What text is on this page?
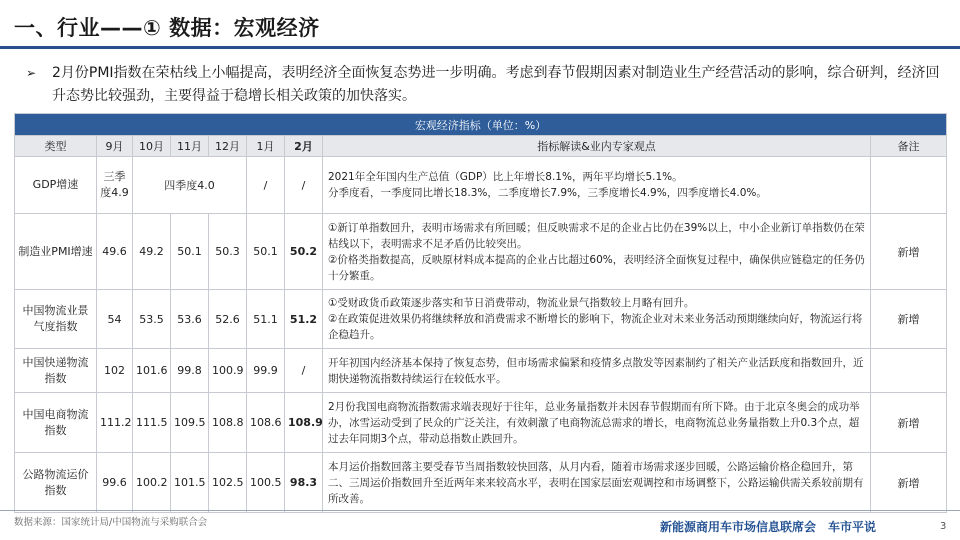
一、行业——① 数据：宏观经济
➢ 2月份PMI指数在荣枯线上小幅提高，表明经济全面恢复态势进一步明确。考虑到春节假期因素对制造业生产经营活动的影响，综合研判，经济回升态势比较强劲，主要得益于稳增长相关政策的加快落实。
宏观经济指标（单位：%）								
类型	9月	10月	11月	12月	1月	2月	指标解读&业内专家观点	备注
GDP增速	三季度4.9	四季度4.0			/	/	2021年全年国内生产总值（GDP）比上年增长8.1%，两年平均增长5.1%。
分季度看，一季度同比增长18.3%，二季度增长7.9%，三季度增长4.9%，四季度增长4.0%。	

制造业PMI增速	49.6	49.2	50.1	50.3	50.1	50.2	①新订单指数回升，表明市场需求有所回暖；但反映需求不足的企业占比仍在39%以上，中小企业新订单指数仍在荣枯线以下，表明需求不足矛盾仍比较突出。
②价格类指数提高，反映原材料成本提高的企业占比超过60%，表明经济全面恢复过程中，确保供应链稳定的任务仍十分繁重。	新增
中国物流业景气度指数	54	53.5	53.6	52.6	51.1	51.2	①受财政货币政策逐步落实和节日消费带动，物流业景气指数较上月略有回升。
②在政策促进效果仍将继续释放和消费需求不断增长的影响下，物流企业对未来业务活动预期继续向好，物流运行将企稳趋升。	新增
中国快递物流指数	102	101.6	99.8	100.9	99.9	/	开年初国内经济基本保持了恢复态势，但市场需求偏紧和疫情多点散发等因素制约了相关产业活跃度和指数回升，近期快递物流指数持续运行在较低水平。	

中国电商物流指数	111.2	111.5	109.5	108.8	108.6	108.9	2月份我国电商物流指数需求端表现好于往年，总业务量指数并未因春节假期而有所下降。由于北京冬奥会的成功举办，冰雪运动受到了民众的广泛关注，有效刺激了电商物流总需求的增长，电商物流总业务量指数上升0.3个点，超过去年同期3个点，带动总指数止跌回升。	新增
公路物流运价指数	99.6	100.2	101.5	102.5	100.5	98.3	本月运价指数回落主要受春节当周指数较快回落，从月内看，随着市场需求逐步回暖，公路运输价格企稳回升，第二、三周运价指数回升至近两年来来较高水平，表明在国家层面宏观调控和市场调整下，公路运输供需关系较前期有所改善。	新增
数据来源：国家统计局/中国物流与采购联合会	新能源商用车市场信息联席会　车市平说	3
